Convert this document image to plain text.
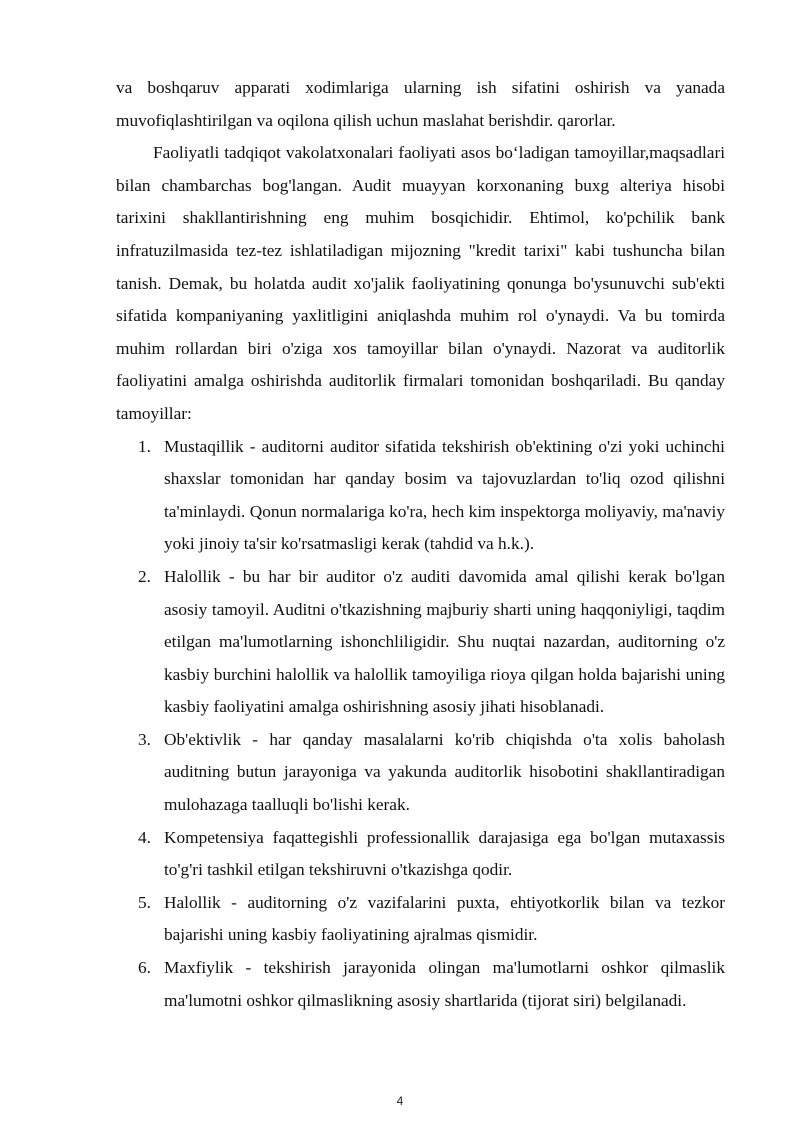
va boshqaruv apparati xodimlariga ularning ish sifatini oshirish va yanada muvofiqlashtirilgan va oqilona qilish uchun maslahat berishdir. qarorlar.

Faoliyatli tadqiqot vakolatxonalari faoliyati asos bo‘ladigan tamoyillar,maqsadlari bilan chambarchas bog'langan. Audit muayyan korxonaning buxg alteriya hisobi tarixini shakllantirishning eng muhim bosqichidir. Ehtimol, ko'pchilik bank infratuzilmasida tez-tez ishlatiladigan mijozning "kredit tarixi" kabi tushuncha bilan tanish. Demak, bu holatda audit xo'jalik faoliyatining qonunga bo'ysunuvchi sub'ekti sifatida kompaniyaning yaxlitligini aniqlashda muhim rol o'ynaydi. Va bu tomirda muhim rollardan biri o'ziga xos tamoyillar bilan o'ynaydi. Nazorat va auditorlik faoliyatini amalga oshirishda auditorlik firmalari tomonidan boshqariladi. Bu qanday tamoyillar:

1. Mustaqillik - auditorni auditor sifatida tekshirish ob'ektining o'zi yoki uchinchi shaxslar tomonidan har qanday bosim va tajovuzlardan to'liq ozod qilishni ta'minlaydi. Qonun normalariga ko'ra, hech kim inspektorga moliyaviy, ma'naviy yoki jinoiy ta'sir ko'rsatmasligi kerak (tahdid va h.k.).
2. Halollik - bu har bir auditor o'z auditi davomida amal qilishi kerak bo'lgan asosiy tamoyil. Auditni o'tkazishning majburiy sharti uning haqqoniyligi, taqdim etilgan ma'lumotlarning ishonchliligidir. Shu nuqtai nazardan, auditorning o'z kasbiy burchini halollik va halollik tamoyiliga rioya qilgan holda bajarishi uning kasbiy faoliyatini amalga oshirishning asosiy jihati hisoblanadi.
3. Ob'ektivlik - har qanday masalalarni ko'rib chiqishda o'ta xolis baholash auditning butun jarayoniga va yakunda auditorlik hisobotini shakllantiradigan mulohazaga taalluqli bo'lishi kerak.
4. Kompetensiya faqattegishli professionallik darajasiga ega bo'lgan mutaxassis to'g'ri tashkil etilgan tekshiruvni o'tkazishga qodir.
5. Halollik - auditorning o'z vazifalarini puxta, ehtiyotkorlik bilan va tezkor bajarishi uning kasbiy faoliyatining ajralmas qismidir.
6. Maxfiylik - tekshirish jarayonida olingan ma'lumotlarni oshkor qilmaslik ma'lumotni oshkor qilmaslikning asosiy shartlarida (tijorat siri) belgilanadi.
4
